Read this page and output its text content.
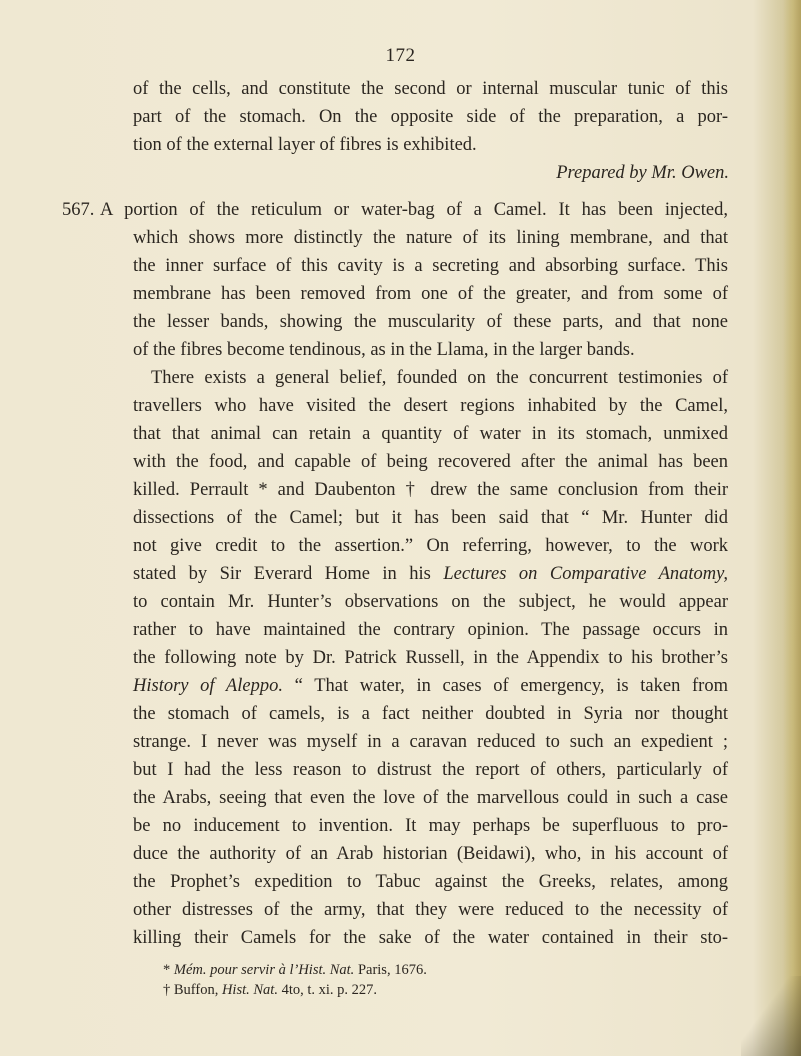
172
of the cells, and constitute the second or internal muscular tunic of this
part of the stomach. On the opposite side of the preparation, a por-
tion of the external layer of fibres is exhibited.
Prepared by Mr. Owen.
567. A portion of the reticulum or water-bag of a Camel. It has been injected,
which shows more distinctly the nature of its lining membrane, and that
the inner surface of this cavity is a secreting and absorbing surface. This
membrane has been removed from one of the greater, and from some of
the lesser bands, showing the muscularity of these parts, and that none
of the fibres become tendinous, as in the Llama, in the larger bands.
There exists a general belief, founded on the concurrent testimonies of
travellers who have visited the desert regions inhabited by the Camel,
that that animal can retain a quantity of water in its stomach, unmixed
with the food, and capable of being recovered after the animal has been
killed. Perrault * and Daubenton † drew the same conclusion from their
dissections of the Camel; but it has been said that “ Mr. Hunter did
not give credit to the assertion.” On referring, however, to the work
stated by Sir Everard Home in his Lectures on Comparative Anatomy,
to contain Mr. Hunter’s observations on the subject, he would appear
rather to have maintained the contrary opinion. The passage occurs in
the following note by Dr. Patrick Russell, in the Appendix to his brother’s
History of Aleppo. “ That water, in cases of emergency, is taken from
the stomach of camels, is a fact neither doubted in Syria nor thought
strange. I never was myself in a caravan reduced to such an expedient ;
but I had the less reason to distrust the report of others, particularly of
the Arabs, seeing that even the love of the marvellous could in such a case
be no inducement to invention. It may perhaps be superfluous to pro-
duce the authority of an Arab historian (Beidawi), who, in his account of
the Prophet’s expedition to Tabuc against the Greeks, relates, among
other distresses of the army, that they were reduced to the necessity of
killing their Camels for the sake of the water contained in their sto-
* Mém. pour servir à l’Hist. Nat. Paris, 1676.
† Buffon, Hist. Nat. 4to, t. xi. p. 227.
